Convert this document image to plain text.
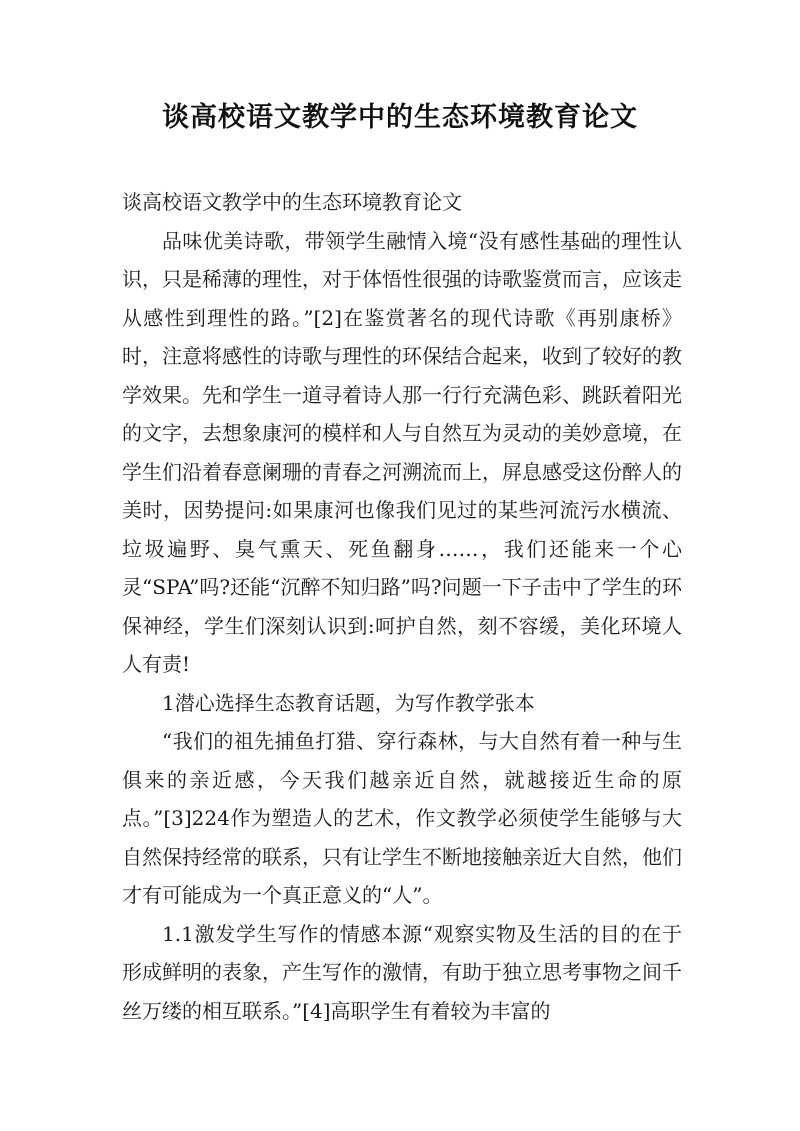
谈高校语文教学中的生态环境教育论文

谈高校语文教学中的生态环境教育论文

品味优美诗歌，带领学生融情入境“没有感性基础的理性认识，只是稀薄的理性，对于体悟性很强的诗歌鉴赏而言，应该走从感性到理性的路。”[2]在鉴赏著名的现代诗歌《再别康桥》时，注意将感性的诗歌与理性的环保结合起来，收到了较好的教学效果。先和学生一道寻着诗人那一行行充满色彩、跳跃着阳光的文字，去想象康河的模样和人与自然互为灵动的美妙意境，在学生们沿着春意阑珊的青春之河溯流而上，屏息感受这份醉人的美时，因势提问:如果康河也像我们见过的某些河流污水横流、垃圾遍野、臭气熏天、死鱼翻身……，我们还能来一个心灵“SPA”吗?还能“沉醉不知归路”吗?问题一下子击中了学生的环保神经，学生们深刻认识到:呵护自然，刻不容缓，美化环境人人有责!

1潜心选择生态教育话题，为写作教学张本

“我们的祖先捕鱼打猎、穿行森林，与大自然有着一种与生俱来的亲近感，今天我们越亲近自然，就越接近生命的原点。”[3]224作为塑造人的艺术，作文教学必须使学生能够与大自然保持经常的联系，只有让学生不断地接触亲近大自然，他们才有可能成为一个真正意义的“人”。

1.1激发学生写作的情感本源“观察实物及生活的目的在于形成鲜明的表象，产生写作的激情，有助于独立思考事物之间千丝万缕的相互联系。”[4]高职学生有着较为丰富的
